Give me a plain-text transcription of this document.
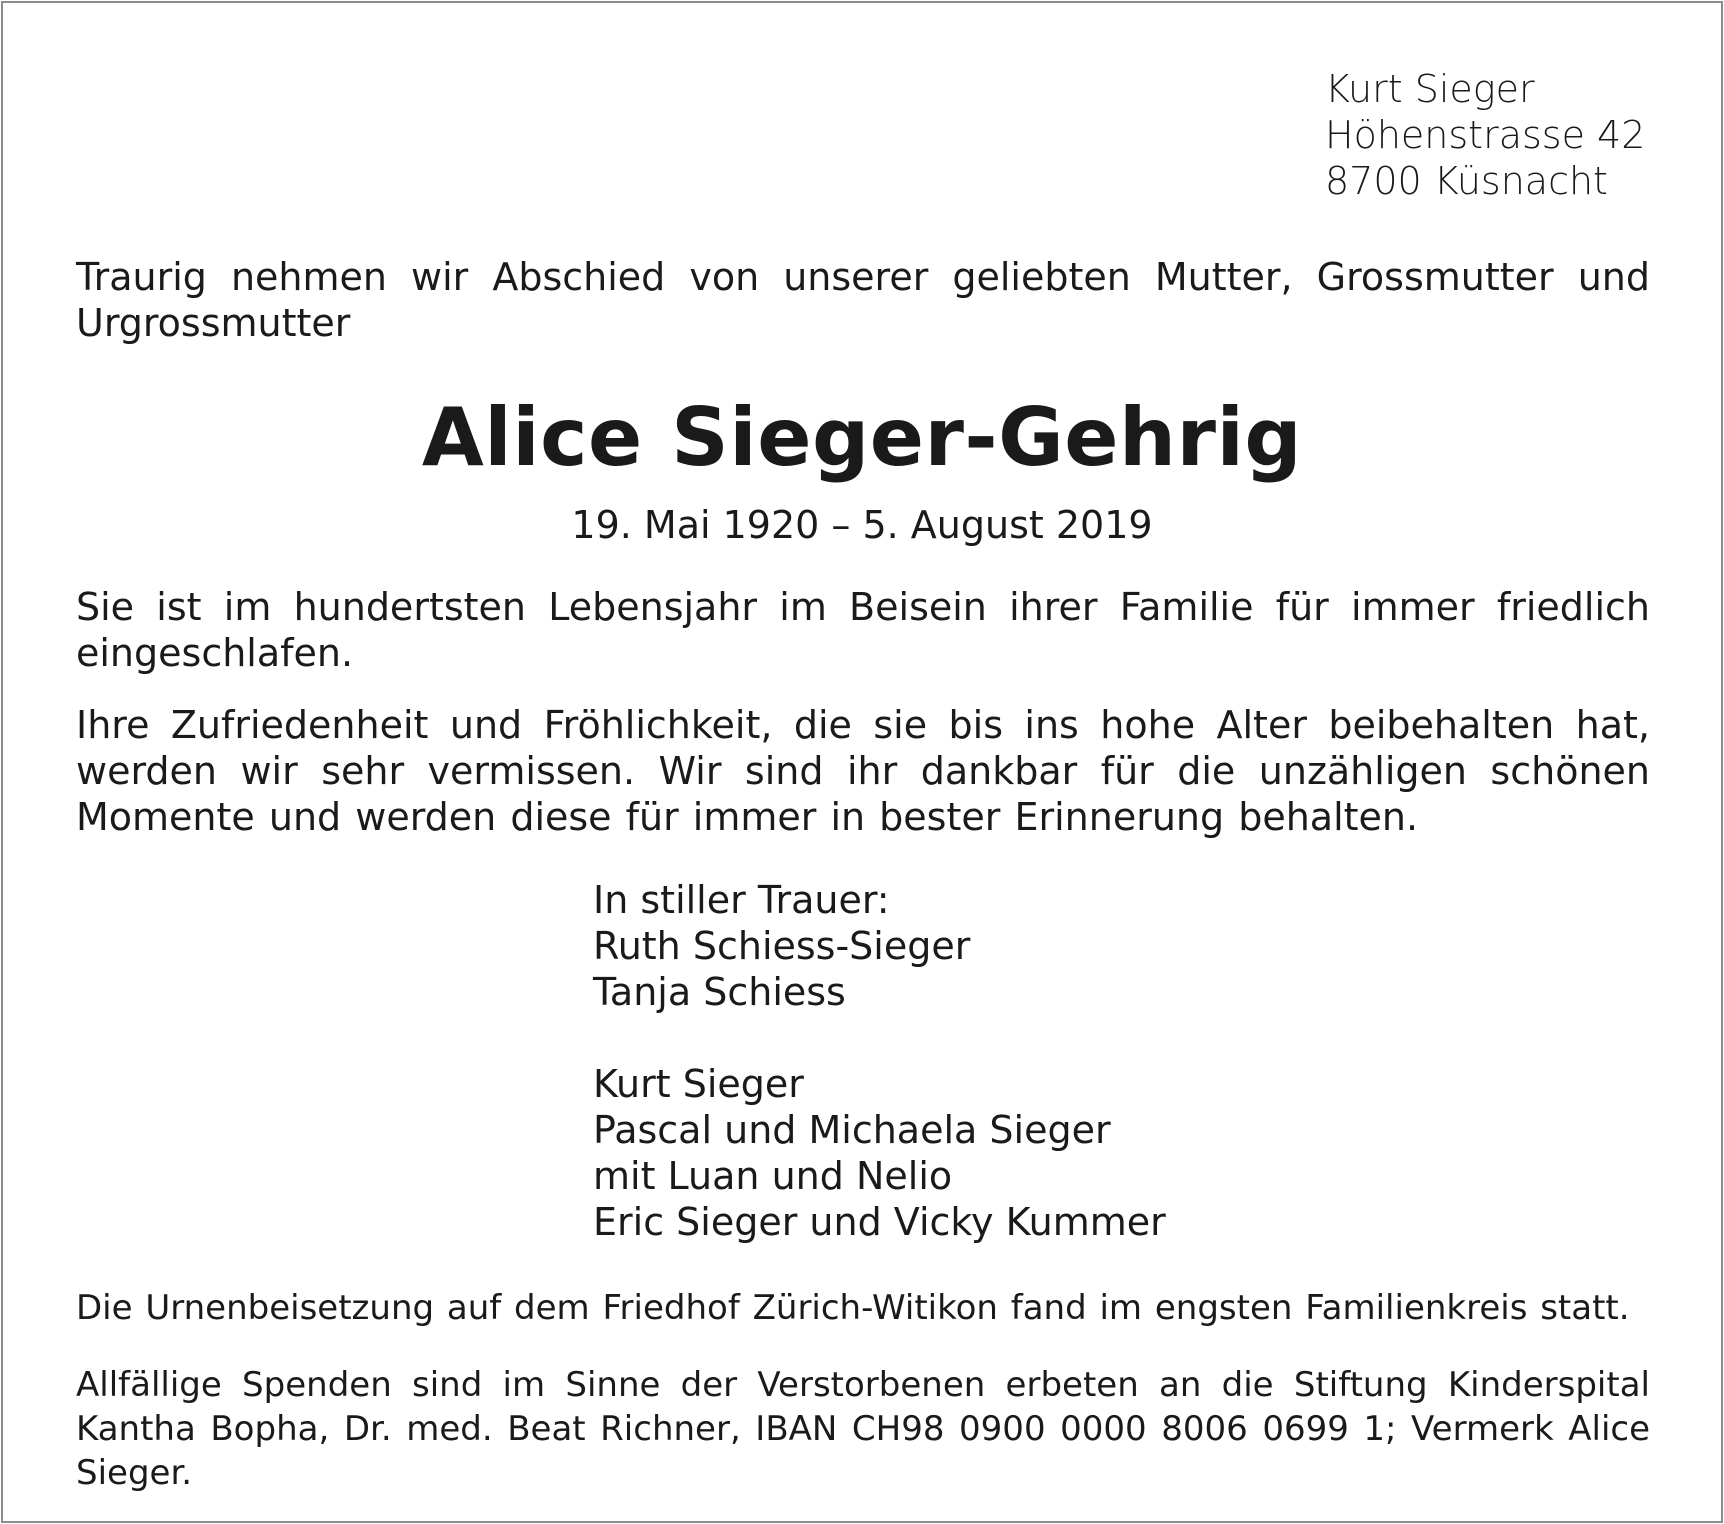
Kurt Sieger
Höhenstrasse 42
8700 Küsnacht
Traurig nehmen wir Abschied von unserer geliebten Mutter, Grossmutter und Urgrossmutter
Alice Sieger-Gehrig
19. Mai 1920 – 5. August 2019
Sie ist im hundertsten Lebensjahr im Beisein ihrer Familie für immer friedlich eingeschlafen.
Ihre Zufriedenheit und Fröhlichkeit, die sie bis ins hohe Alter beibehalten hat, werden wir sehr vermissen. Wir sind ihr dankbar für die unzähligen schönen Momente und werden diese für immer in bester Erinnerung behalten.
In stiller Trauer:
Ruth Schiess-Sieger
Tanja Schiess
Kurt Sieger
Pascal und Michaela Sieger
mit Luan und Nelio
Eric Sieger und Vicky Kummer
Die Urnenbeisetzung auf dem Friedhof Zürich-Witikon fand im engsten Familienkreis statt.
Allfällige Spenden sind im Sinne der Verstorbenen erbeten an die Stiftung Kinderspital Kantha Bopha, Dr. med. Beat Richner, IBAN CH98 0900 0000 8006 0699 1; Vermerk Alice Sieger.
